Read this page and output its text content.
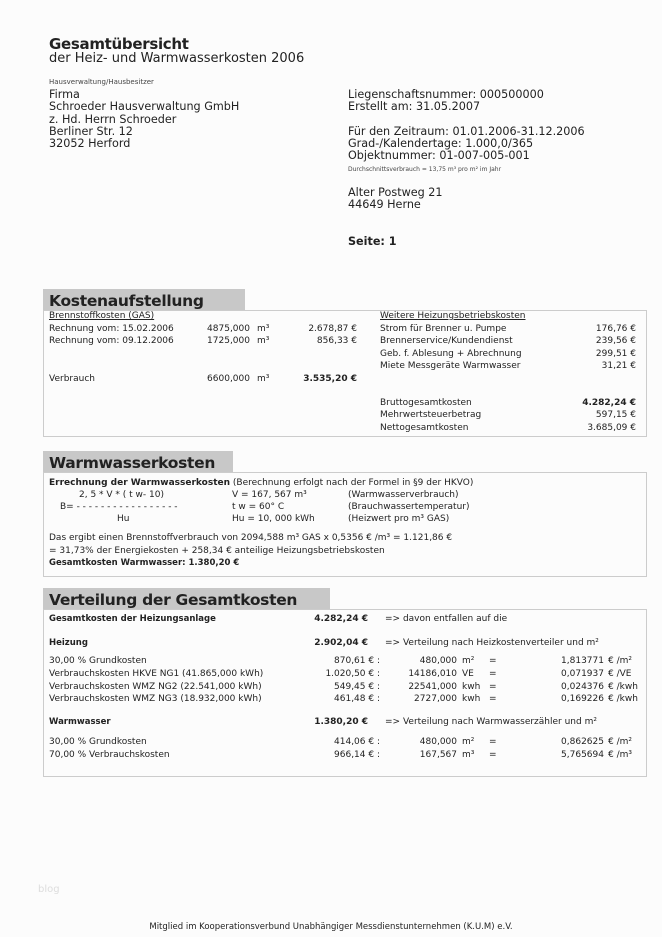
Gesamtübersicht
der Heiz- und Warmwasserkosten 2006
Hausverwaltung/Hausbesitzer
Firma
Schroeder Hausverwaltung GmbH
z. Hd. Herrn Schroeder
Berliner Str. 12
32052 Herford
Liegenschaftsnummer: 000500000
Erstellt am: 31.05.2007
Für den Zeitraum: 01.01.2006-31.12.2006
Grad-/Kalendertage: 1.000,0/365
Objektnummer: 01-007-005-001
Durchschnittsverbrauch = 13,75 m³ pro m² im Jahr
Alter Postweg 21
44649 Herne
Seite: 1
Kostenaufstellung
Brennstoffkosten (GAS)	Weitere Heizungsbetriebskosten
Warmwasserkosten
Errechnung der Warmwasserkosten (Berechnung erfolgt nach der Formel in §9 der HKVO)
2, 5 * V * ( t w- 10)
B= - - - - - - - - - - - - - - - - -
Hu
V = 167, 567 m³	(Warmwasserverbrauch)
t w = 60° C	(Brauchwassertemperatur)
Hu = 10, 000 kWh	(Heizwert pro m³ GAS)
Das ergibt einen Brennstoffverbrauch von 2094,588 m³ GAS x 0,5356 € /m³ = 1.121,86 €
= 31,73% der Energiekosten + 258,34 € anteilige Heizungsbetriebskosten
Gesamtkosten Warmwasser: 1.380,20 €
Verteilung der Gesamtkosten
blog
Mitglied im Kooperationsverbund Unabhängiger Messdienstunternehmen (K.U.M) e.V.
Rechnung vom: 15.02.2006	4875,000 m³	2.678,87 €
Rechnung vom: 09.12.2006	1725,000 m³	856,33 €
Verbrauch	6600,000 m³	3.535,20 €
Strom für Brenner u. Pumpe	176,76 €
Brennerservice/Kundendienst	239,56 €
Geb. f. Ablesung + Abrechnung	299,51 €
Miete Messgeräte Warmwasser	31,21 €
Bruttogesamtkosten	4.282,24 €
Mehrwertsteuerbetrag	597,15 €
Nettogesamtkosten	3.685,09 €
Gesamtkosten der Heizungsanlage	4.282,24 € => davon entfallen auf die
Heizung	2.902,04 € => Verteilung nach Heizkostenverteiler und m²
30,00 % Grundkosten	870,61 € :	480,000 m² =	1,813771 € /m²
Verbrauchskosten HKVE NG1 (41.865,000 kWh)	1.020,50 € :	14186,010 VE =	0,071937 € /VE
Verbrauchskosten WMZ NG2 (22.541,000 kWh)	549,45 € :	22541,000 kwh =	0,024376 € /kwh
Verbrauchskosten WMZ NG3 (18.932,000 kWh)	461,48 € :	2727,000 kwh =	0,169226 € /kwh
Warmwasser	1.380,20 € => Verteilung nach Warmwasserzähler und m²
30,00 % Grundkosten	414,06 € :	480,000 m² =	0,862625 € /m²
70,00 % Verbrauchskosten	966,14 € :	167,567 m³ =	5,765694 € /m³
